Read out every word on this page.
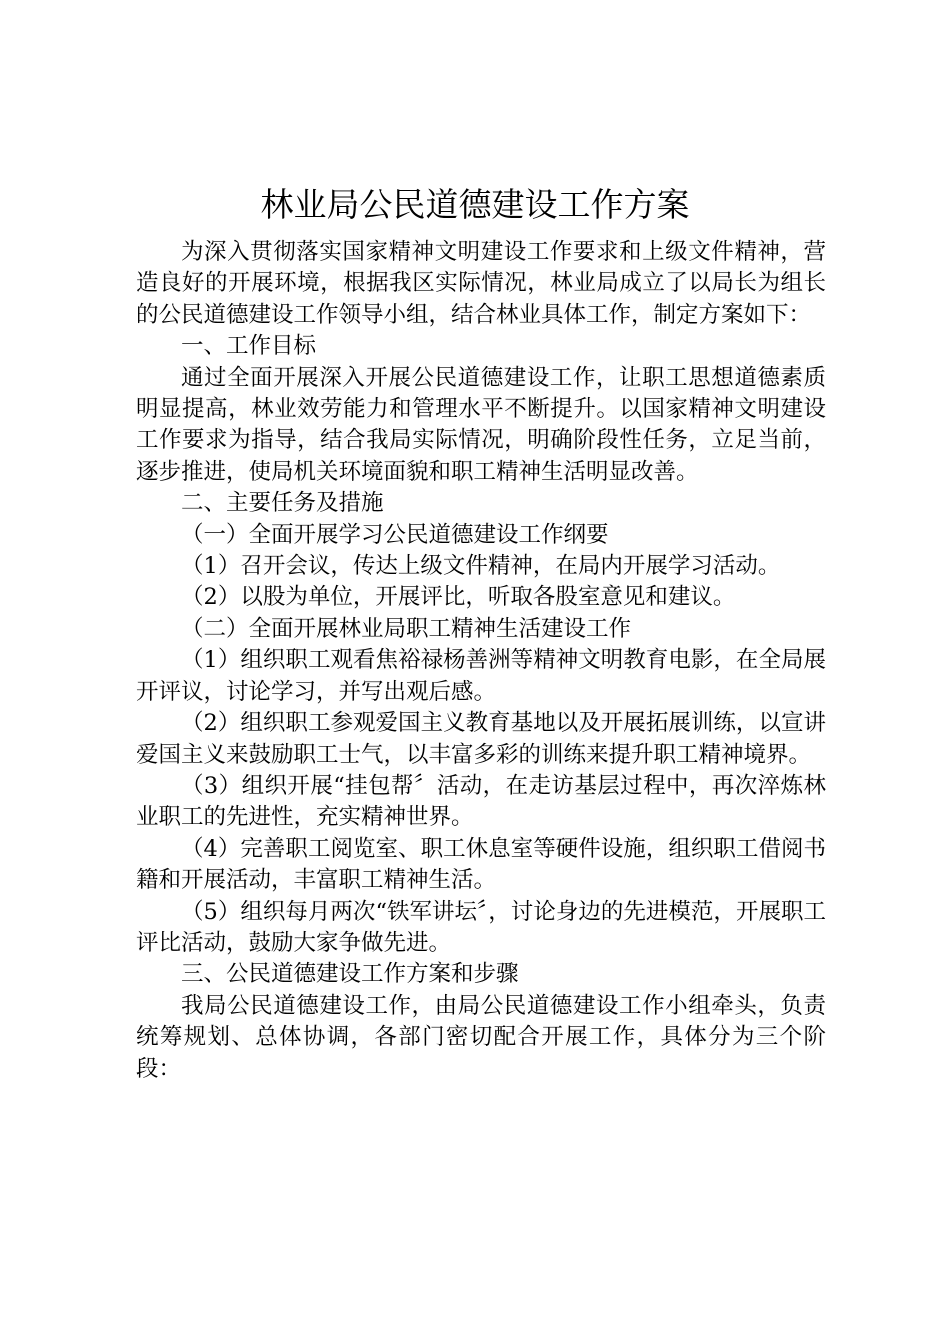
林业局公民道德建设工作方案

为深入贯彻落实国家精神文明建设工作要求和上级文件精神，营造良好的开展环境，根据我区实际情况，林业局成立了以局长为组长的公民道德建设工作领导小组，结合林业具体工作，制定方案如下：

一、工作目标

通过全面开展深入开展公民道德建设工作，让职工思想道德素质明显提高，林业效劳能力和管理水平不断提升。以国家精神文明建设工作要求为指导，结合我局实际情况，明确阶段性任务，立足当前，逐步推进，使局机关环境面貌和职工精神生活明显改善。

二、主要任务及措施

（一）全面开展学习公民道德建设工作纲要

（1）召开会议，传达上级文件精神，在局内开展学习活动。

（2）以股为单位，开展评比，听取各股室意见和建议。

（二）全面开展林业局职工精神生活建设工作

（1）组织职工观看焦裕禄杨善洲等精神文明教育电影，在全局展开评议，讨论学习，并写出观后感。

（2）组织职工参观爱国主义教育基地以及开展拓展训练，以宣讲爱国主义来鼓励职工士气，以丰富多彩的训练来提升职工精神境界。

（3）组织开展“挂包帮〞活动，在走访基层过程中，再次淬炼林业职工的先进性，充实精神世界。

（4）完善职工阅览室、职工休息室等硬件设施，组织职工借阅书籍和开展活动，丰富职工精神生活。

（5）组织每月两次“铁军讲坛〞，讨论身边的先进模范，开展职工评比活动，鼓励大家争做先进。

三、公民道德建设工作方案和步骤

我局公民道德建设工作，由局公民道德建设工作小组牵头，负责统筹规划、总体协调，各部门密切配合开展工作，具体分为三个阶段：
